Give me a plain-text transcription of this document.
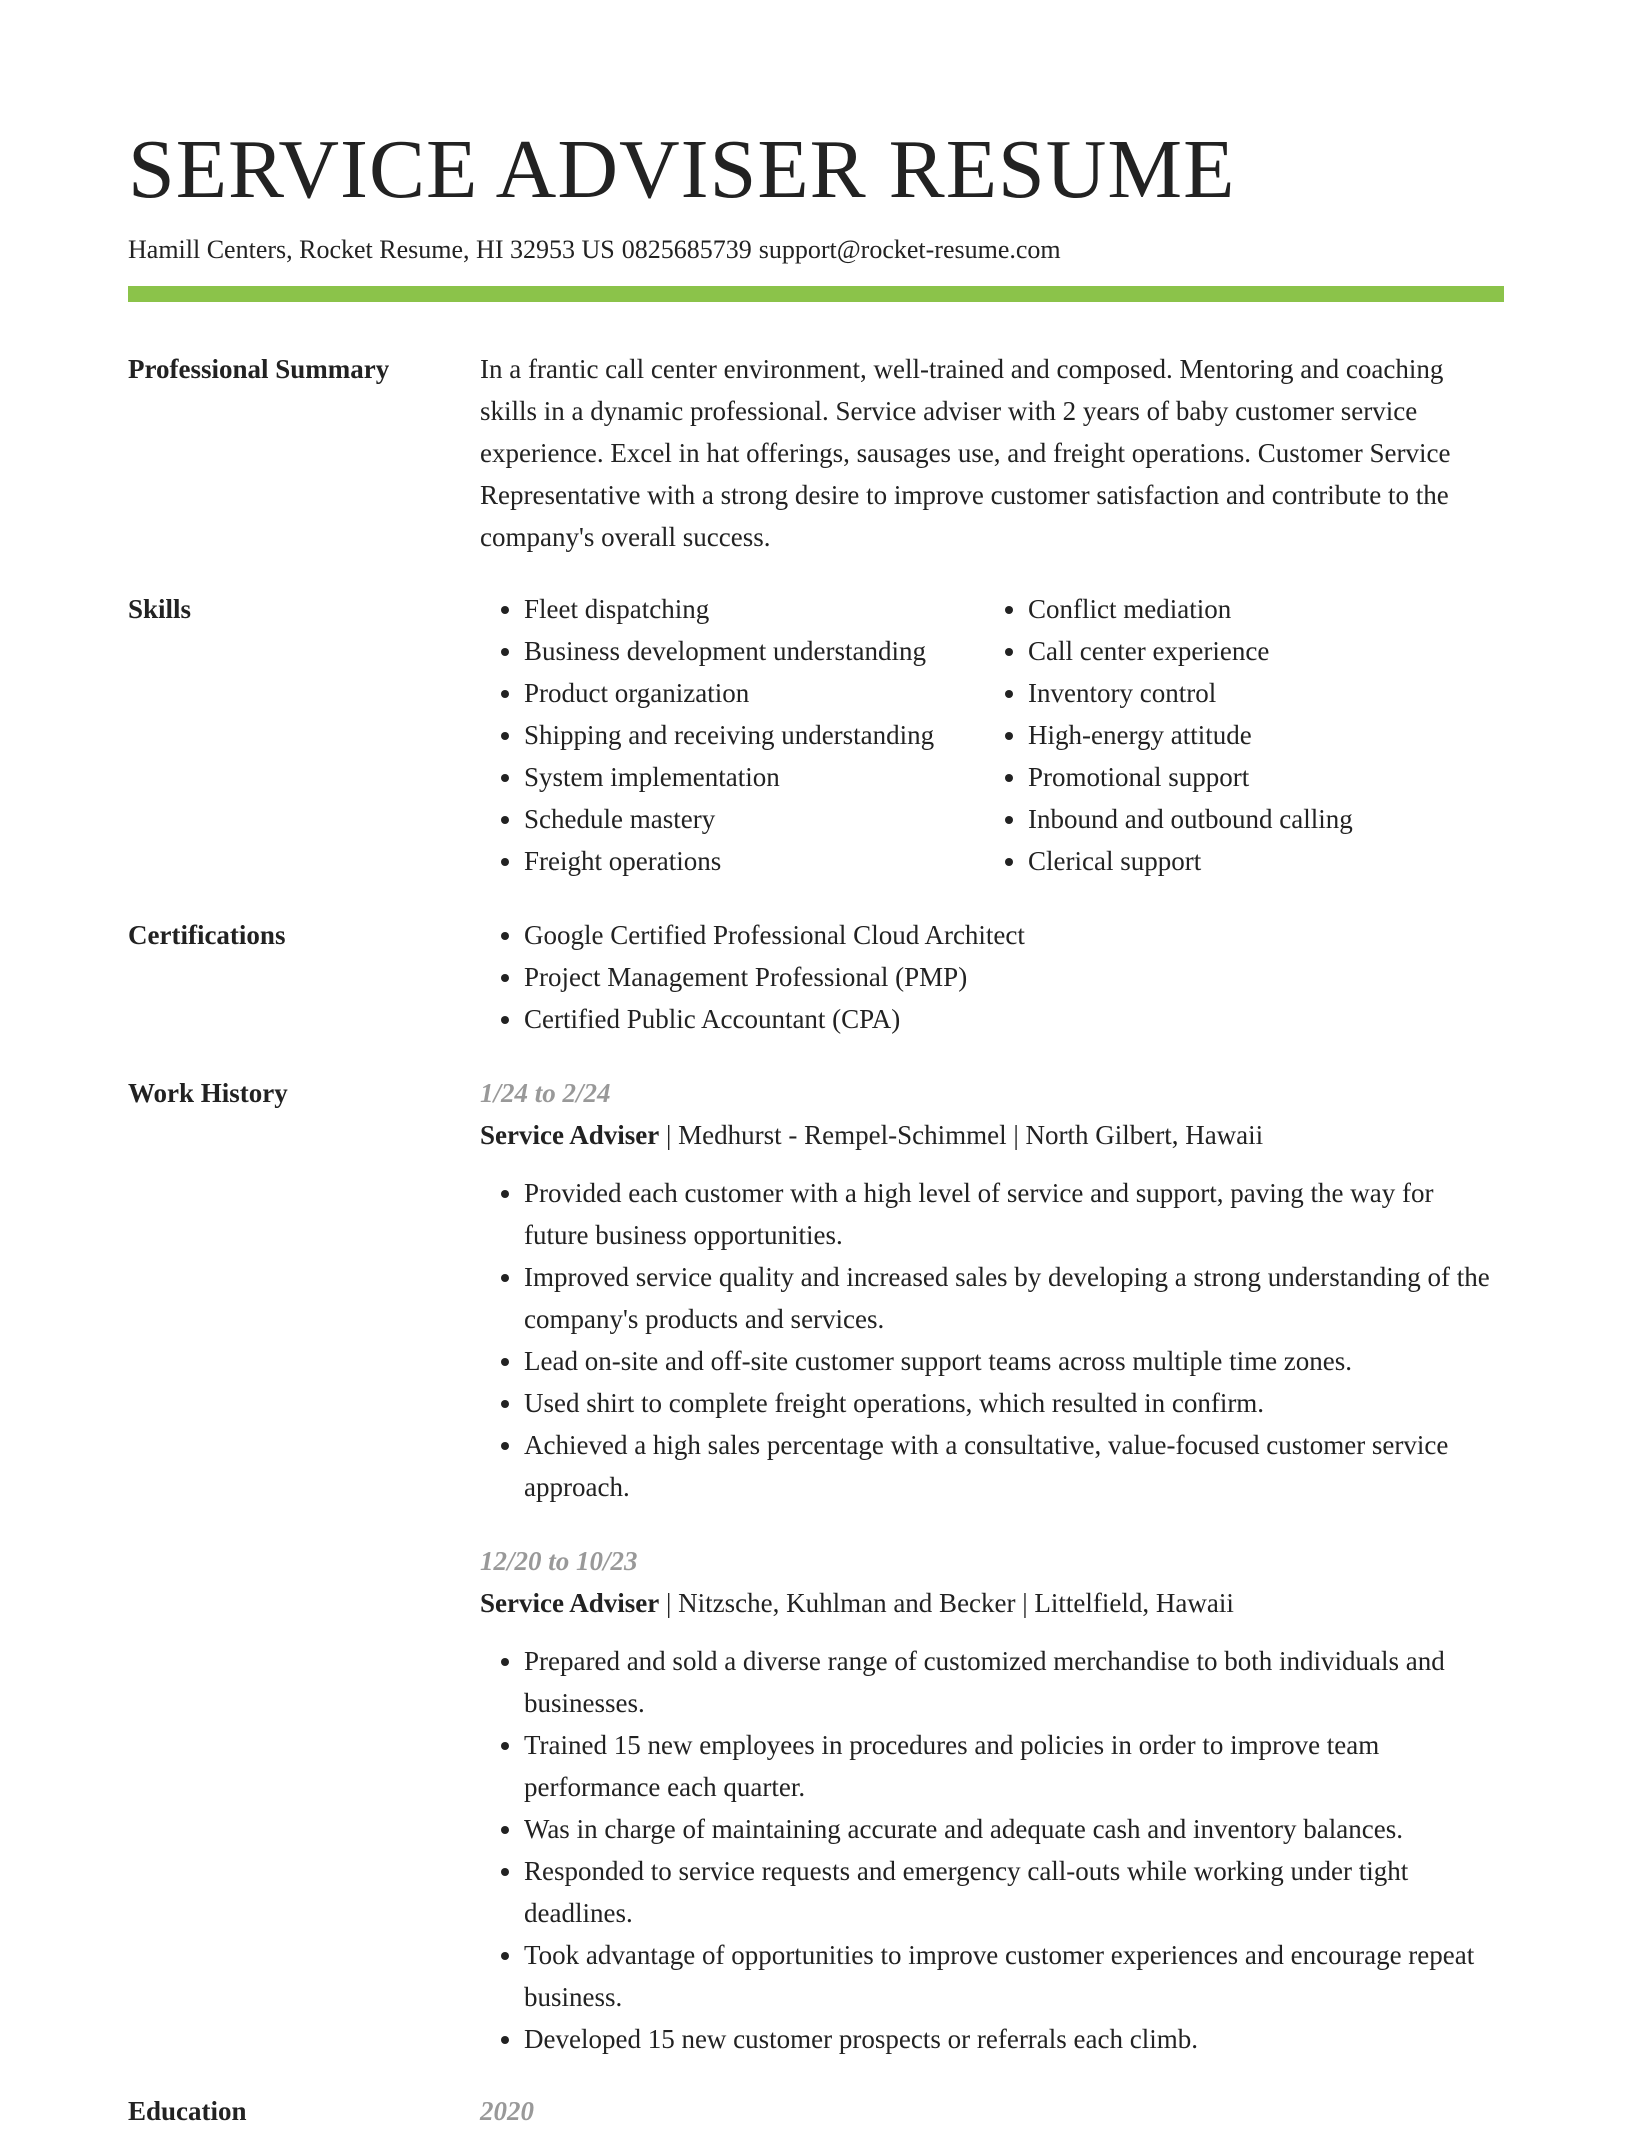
SERVICE ADVISER RESUME
Hamill Centers, Rocket Resume, HI 32953 US 0825685739 support@rocket-resume.com
Professional Summary	In a frantic call center environment, well-trained and composed. Mentoring and coaching skills in a dynamic professional. Service adviser with 2 years of baby customer service experience. Excel in hat offerings, sausages use, and freight operations. Customer Service Representative with a strong desire to improve customer satisfaction and contribute to the company's overall success.

Skills	• Fleet dispatching
• Business development understanding
• Product organization
• Shipping and receiving understanding
• System implementation
• Schedule mastery
• Freight operations
• Conflict mediation
• Call center experience
• Inventory control
• High-energy attitude
• Promotional support
• Inbound and outbound calling
• Clerical support
Certifications	• Google Certified Professional Cloud Architect
• Project Management Professional (PMP)
• Certified Public Accountant (CPA)
Work History	1/24 to 2/24
Service Adviser | Medhurst - Rempel-Schimmel | North Gilbert, Hawaii
• Provided each customer with a high level of service and support, paving the way for future business opportunities.
• Improved service quality and increased sales by developing a strong understanding of the company's products and services.
• Lead on-site and off-site customer support teams across multiple time zones.
• Used shirt to complete freight operations, which resulted in confirm.
• Achieved a high sales percentage with a consultative, value-focused customer service approach.
12/20 to 10/23
Service Adviser | Nitzsche, Kuhlman and Becker | Littelfield, Hawaii
• Prepared and sold a diverse range of customized merchandise to both individuals and businesses.
• Trained 15 new employees in procedures and policies in order to improve team performance each quarter.
• Was in charge of maintaining accurate and adequate cash and inventory balances.
• Responded to service requests and emergency call-outs while working under tight deadlines.
• Took advantage of opportunities to improve customer experiences and encourage repeat business.
• Developed 15 new customer prospects or referrals each climb.
Education	2020
